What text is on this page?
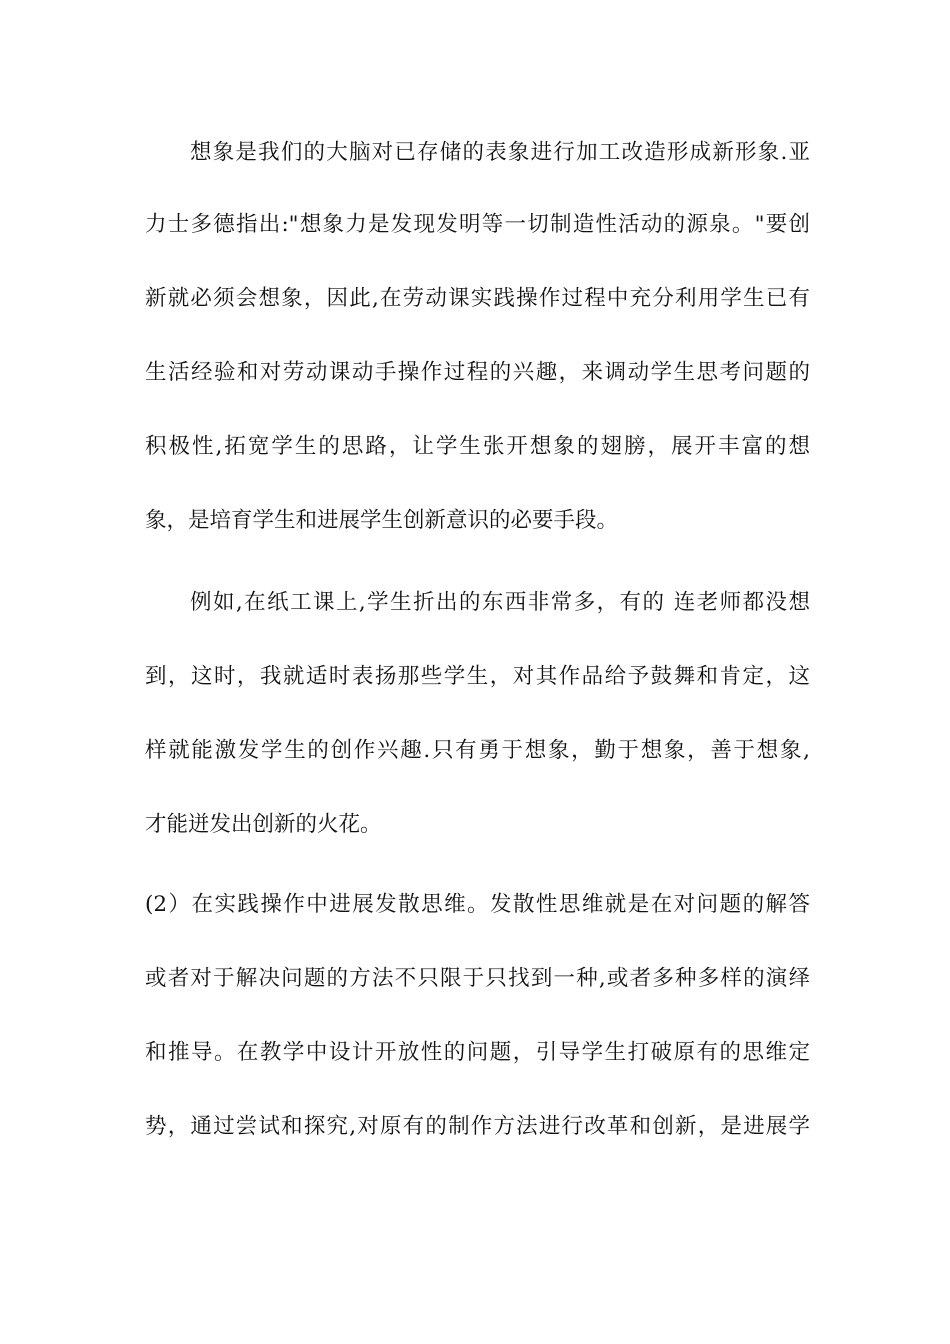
想象是我们的大脑对已存储的表象进行加工改造形成新形象.亚
力士多德指出:"想象力是发现发明等一切制造性活动的源泉。"要创
新就必须会想象，因此,在劳动课实践操作过程中充分利用学生已有
生活经验和对劳动课动手操作过程的兴趣，来调动学生思考问题的
积极性,拓宽学生的思路，让学生张开想象的翅膀，展开丰富的想
象，是培育学生和进展学生创新意识的必要手段。
例如,在纸工课上,学生折出的东西非常多，有的 连老师都没想
到，这时，我就适时表扬那些学生，对其作品给予鼓舞和肯定，这
样就能激发学生的创作兴趣.只有勇于想象，勤于想象，善于想象,
才能迸发出创新的火花。
(2）在实践操作中进展发散思维。发散性思维就是在对问题的解答
或者对于解决问题的方法不只限于只找到一种,或者多种多样的演绎
和推导。在教学中设计开放性的问题，引导学生打破原有的思维定
势，通过尝试和探究,对原有的制作方法进行改革和创新，是进展学
